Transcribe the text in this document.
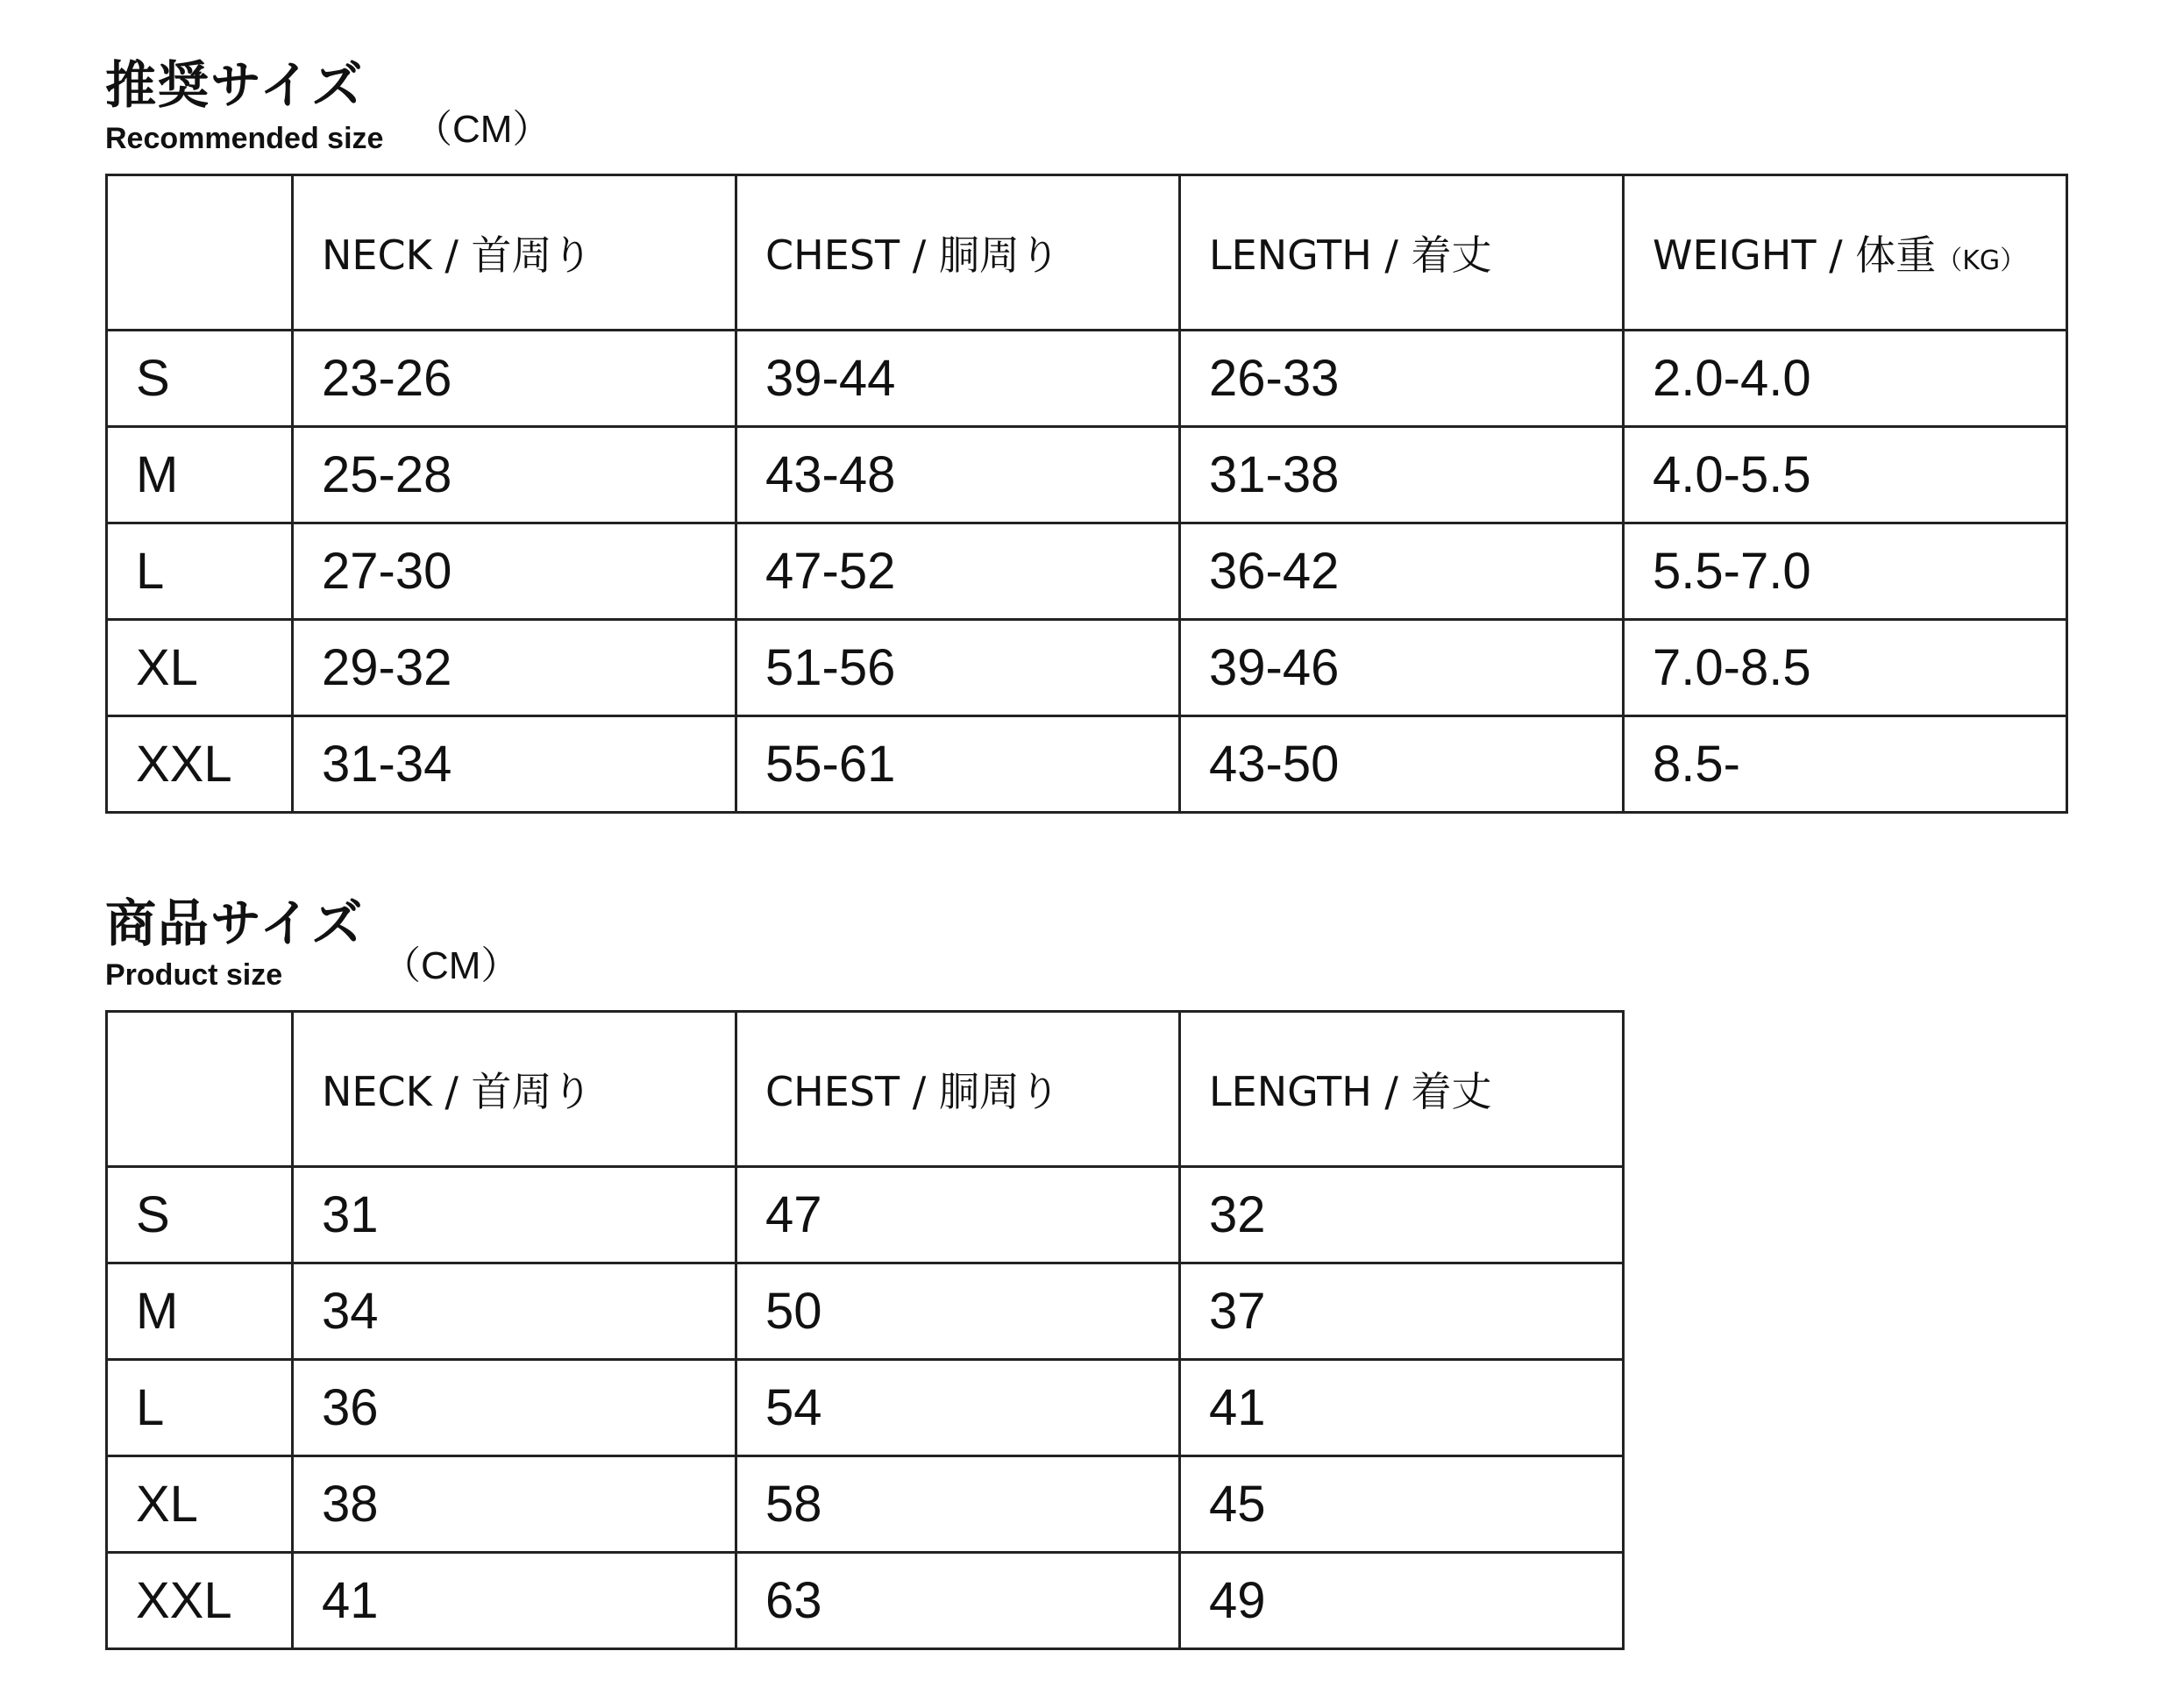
推奨サイズ
Recommended size （CM）
	NECK / 首周り	CHEST / 胴周り	LENGTH / 着丈	WEIGHT / 体重（KG）
S	23-26	39-44	26-33	2.0-4.0
M	25-28	43-48	31-38	4.0-5.5
L	27-30	47-52	36-42	5.5-7.0
XL	29-32	51-56	39-46	7.0-8.5
XXL	31-34	55-61	43-50	8.5-
商品サイズ
Product size	（CM）
	NECK / 首周り	CHEST / 胴周り	LENGTH / 着丈
S	31	47	32
M	34	50	37
L	36	54	41
XL	38	58	45
XXL	41	63	49
